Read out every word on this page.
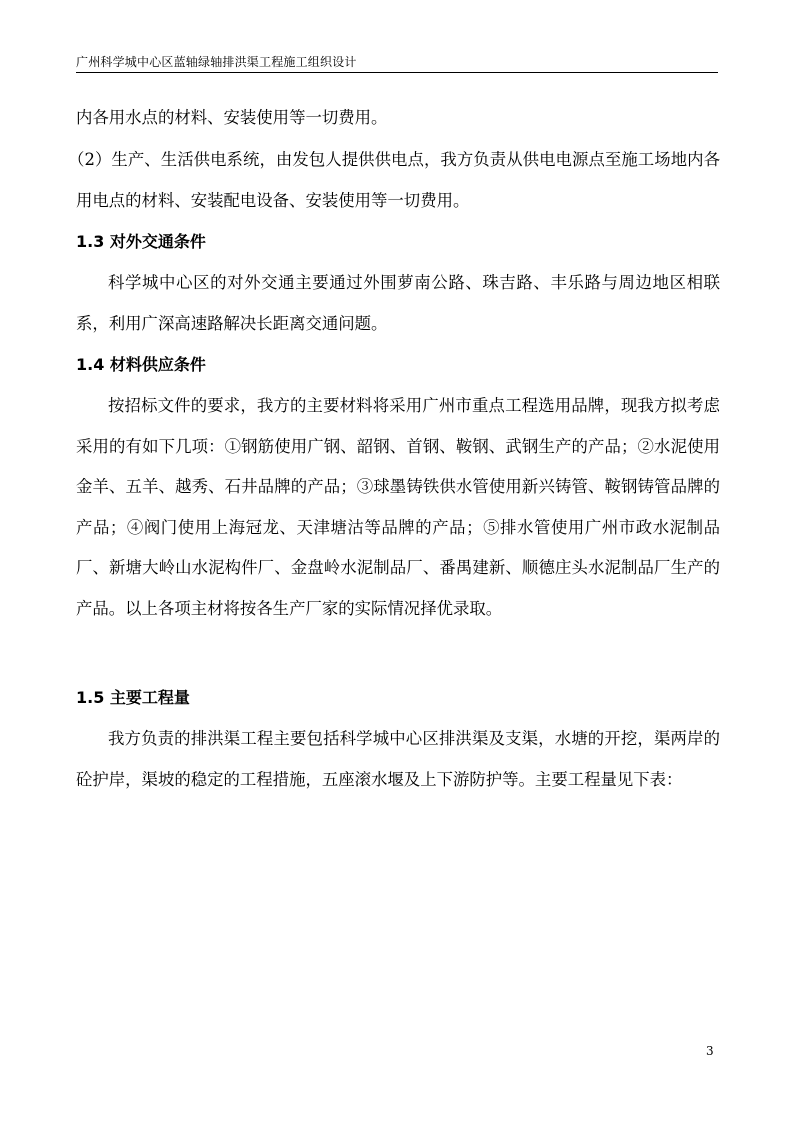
广州科学城中心区蓝轴绿轴排洪渠工程施工组织设计

内各用水点的材料、安装使用等一切费用。

（2）生产、生活供电系统，由发包人提供供电点，我方负责从供电电源点至施工场地内各用电点的材料、安装配电设备、安装使用等一切费用。

1.3 对外交通条件

科学城中心区的对外交通主要通过外围萝南公路、珠吉路、丰乐路与周边地区相联系，利用广深高速路解决长距离交通问题。

1.4 材料供应条件

按招标文件的要求，我方的主要材料将采用广州市重点工程选用品牌，现我方拟考虑采用的有如下几项：①钢筋使用广钢、韶钢、首钢、鞍钢、武钢生产的产品；②水泥使用金羊、五羊、越秀、石井品牌的产品；③球墨铸铁供水管使用新兴铸管、鞍钢铸管品牌的产品；④阀门使用上海冠龙、天津塘沽等品牌的产品；⑤排水管使用广州市政水泥制品厂、新塘大岭山水泥构件厂、金盘岭水泥制品厂、番禺建新、顺德庄头水泥制品厂生产的产品。以上各项主材将按各生产厂家的实际情况择优录取。

1.5 主要工程量

我方负责的排洪渠工程主要包括科学城中心区排洪渠及支渠，水塘的开挖，渠两岸的砼护岸，渠坡的稳定的工程措施，五座滚水堰及上下游防护等。主要工程量见下表：

3
